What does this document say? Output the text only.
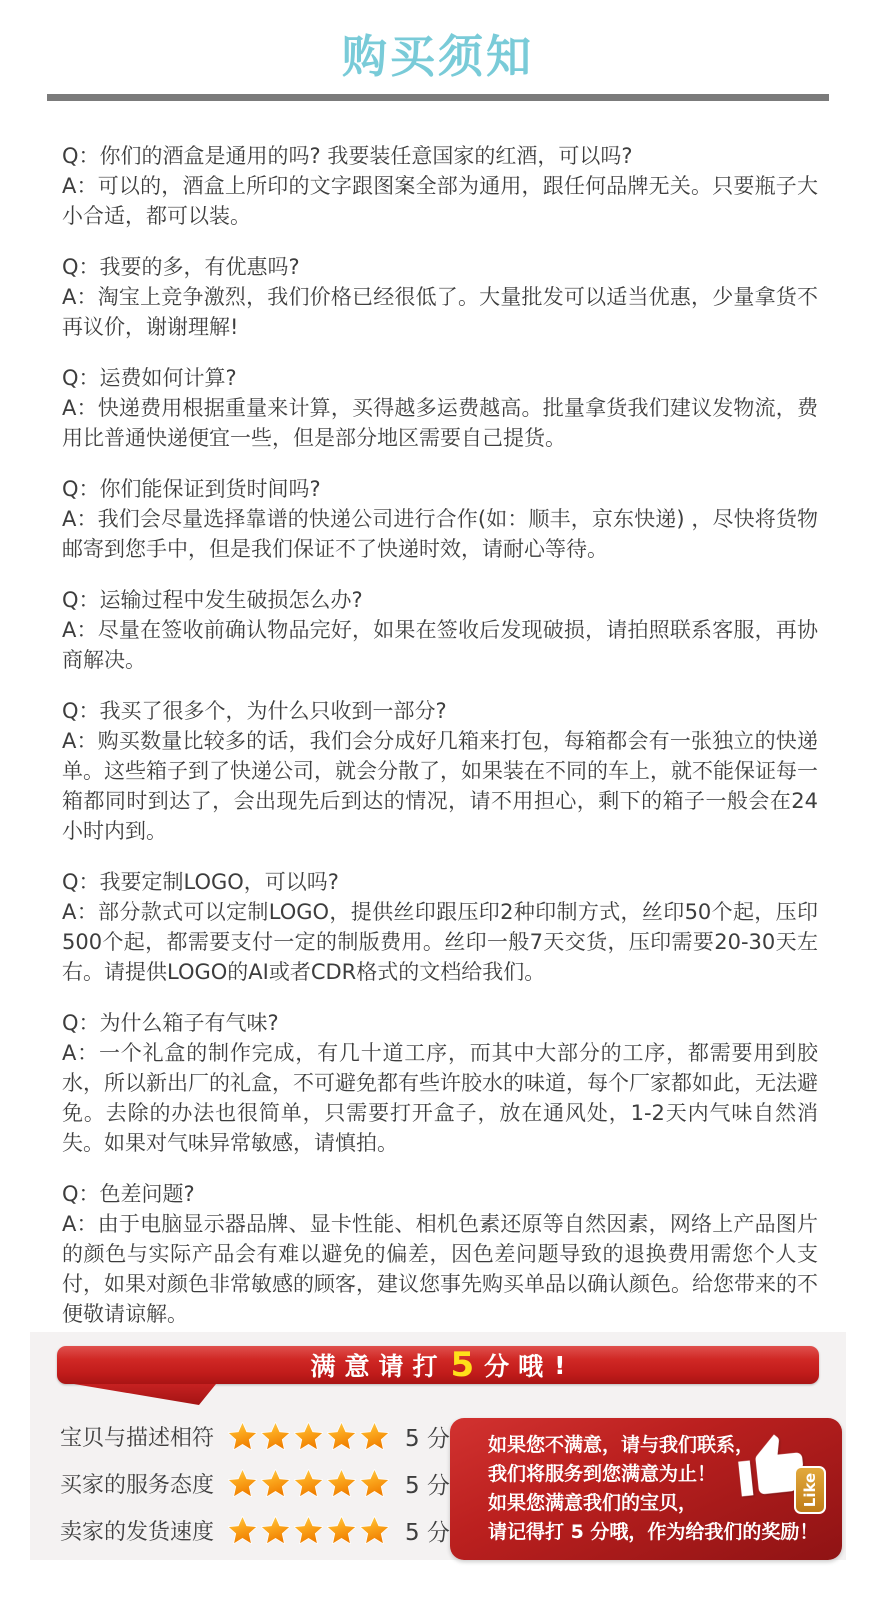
购买须知

Q：你们的酒盒是通用的吗? 我要装任意国家的红酒，可以吗?

A：可以的，酒盒上所印的文字跟图案全部为通用，跟任何品牌无关。只要瓶子大小合适，都可以装。

Q：我要的多，有优惠吗?

A：淘宝上竞争激烈，我们价格已经很低了。大量批发可以适当优惠，少量拿货不再议价，谢谢理解!

Q：运费如何计算?

A：快递费用根据重量来计算，买得越多运费越高。批量拿货我们建议发物流，费用比普通快递便宜一些，但是部分地区需要自己提货。

Q：你们能保证到货时间吗?

A：我们会尽量选择靠谱的快递公司进行合作(如：顺丰，京东快递) ，尽快将货物邮寄到您手中，但是我们保证不了快递时效，请耐心等待。

Q：运输过程中发生破损怎么办?

A：尽量在签收前确认物品完好，如果在签收后发现破损，请拍照联系客服，再协商解决。

Q：我买了很多个，为什么只收到一部分?

A：购买数量比较多的话，我们会分成好几箱来打包，每箱都会有一张独立的快递单。这些箱子到了快递公司，就会分散了，如果装在不同的车上，就不能保证每一箱都同时到达了，会出现先后到达的情况，请不用担心，剩下的箱子一般会在24小时内到。

Q：我要定制LOGO，可以吗?

A：部分款式可以定制LOGO，提供丝印跟压印2种印制方式，丝印50个起，压印500个起，都需要支付一定的制版费用。丝印一般7天交货，压印需要20-30天左右。请提供LOGO的AI或者CDR格式的文档给我们。

Q：为什么箱子有气味?

A：一个礼盒的制作完成，有几十道工序，而其中大部分的工序，都需要用到胶水，所以新出厂的礼盒，不可避免都有些许胶水的味道，每个厂家都如此，无法避免。去除的办法也很简单，只需要打开盒子，放在通风处，1-2天内气味自然消失。如果对气味异常敏感，请慎拍。

Q：色差问题?

A：由于电脑显示器品牌、显卡性能、相机色素还原等自然因素，网络上产品图片的颜色与实际产品会有难以避免的偏差，因色差问题导致的退换费用需您个人支付，如果对颜色非常敏感的顾客，建议您事先购买单品以确认颜色。给您带来的不便敬请谅解。

满意请打 5 分哦 !
宝贝与描述相符	5 分
买家的服务态度	5 分
卖家的发货速度	5 分
如果您不满意，请与我们联系，
我们将服务到您满意为止！
如果您满意我们的宝贝，
请记得打 5 分哦，作为给我们的奖励！
Like
